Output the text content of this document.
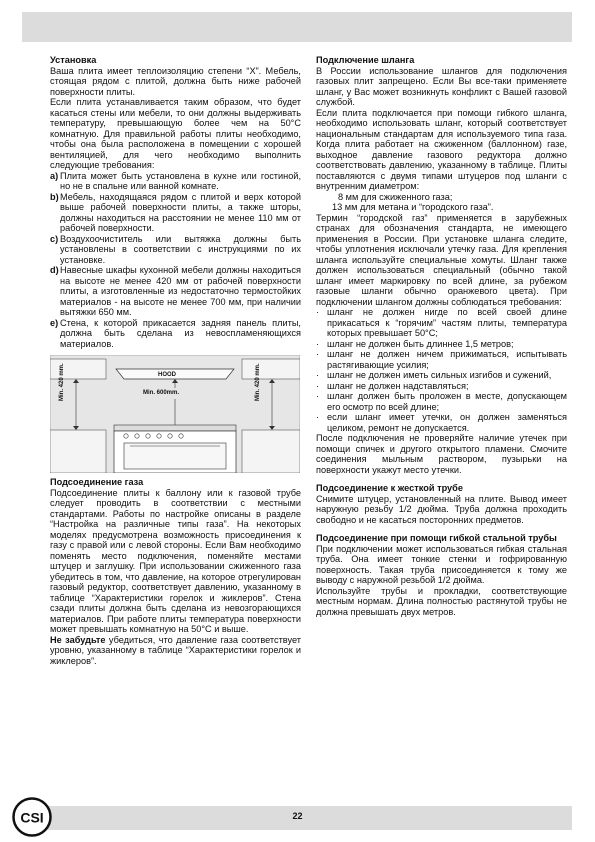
Установка

Ваша плита имеет теплоизоляцию степени “X”. Мебель, стоящая рядом с плитой, должна быть ниже рабочей поверхности плиты.

Если плита устанавливается таким образом, что будет касаться стены или мебели, то они должны выдерживать температуру, превышающую более чем на 50°С комнатную. Для правильной работы плиты необходимо, чтобы она была расположена в помещении с хорошей вентиляцией, для чего необходимо выполнить следующие требования:

a) Плита может быть установлена в кухне или гостиной, но не в спальне или ванной комнате.
b) Мебель, находящаяся рядом с плитой и верх которой выше рабочей поверхности плиты, а также шторы, должны находиться на расстоянии не менее 110 мм от рабочей поверхности.
c) Воздухоочиститель или вытяжка должны быть установлены в соответствии с инструкциями по их установке.
d) Навесные шкафы кухонной мебели должны находиться на высоте не менее 420 мм от рабочей поверхности плиты, а изготовленные из недостаточно термостойких материалов - на высоте не менее 700 мм, при наличии вытяжки 650 мм.
e) Стена, к которой прикасается задняя панель плиты, должна быть сделана из невоспламеняющихся материалов.
HOOD
Min. 600mm.
Min. 420 mm.	Min. 420 mm.

Подсоединение газа

Подсоединение плиты к баллону или к газовой трубе следует проводить в соответствии с местными стандартами. Работы по настройке описаны в разделе “Настройка на различные типы газа”. На некоторых моделях предусмотрена возможность присоединения к газу с правой или с левой стороны. Если Вам необходимо поменять место подключения, поменяйте местами штуцер и заглушку. При использовании сжиженного газа убедитесь в том, что давление, на которое отрегулирован газовый редуктор, соответствует давлению, указанному в таблице “Характеристики горелок и жиклеров”. Стена сзади плиты должна быть сделана из невозгорающихся материалов. При работе плиты температура поверхности может превышать комнатную на 50°С и выше.

Не забудьте убедиться, что давление газа соответствует уровню, указанному в таблице “Характеристики горелок и жиклеров”.

Подключение шланга

В России использование шлангов для подключения газовых плит запрещено. Если Вы все-таки применяете шланг, у Вас может возникнуть конфликт с Вашей газовой службой.

Если плита подключается при помощи гибкого шланга, необходимо использовать шланг, который соответствует национальным стандартам для используемого типа газа. Когда плита работает на сжиженном (баллонном) газе, выходное давление газового редуктора должно соответствовать давлению, указанному в таблице. Плиты поставляются с двумя типами штуцеров под шланги с внутренним диаметром:

8 мм для сжиженного газа;

13 мм для метана и “городского газа”.

Термин “городской газ” применяется в зарубежных странах для обозначения стандарта, не имеющего применения в России. При установке шланга следите, чтобы уплотнения исключали утечку газа. Для крепления шланга используйте специальные хомуты. Шланг также должен использоваться специальный (обычно такой шланг имеет маркировку по всей длине, за рубежом газовые шланги обычно оранжевого цвета). При подключении шлангом должны соблюдаться требования:

· шланг не должен нигде по всей своей длине прикасаться к “горячим” частям плиты, температура которых превышает 50°С;
· шланг не должен быть длиннее 1,5 метров;
· шланг не должен ничем прижиматься, испытывать растягивающие усилия;
· шланг не должен иметь сильных изгибов и сужений,
· шланг не должен надставляться;
· шланг должен быть проложен в месте, допускающем его осмотр по всей длине;
· если шланг имеет утечки, он должен заменяться целиком, ремонт не допускается.

После подключения не проверяйте наличие утечек при помощи спичек и другого открытого пламени. Смочите соединения мыльным раствором, пузырьки на поверхности укажут место утечки.

Подсоединение к жесткой трубе

Снимите штуцер, установленный на плите. Вывод имеет наружную резьбу 1/2 дюйма. Труба должна проходить свободно и не касаться посторонних предметов.

Подсоединение при помощи гибкой стальной трубы

При подключении может использоваться гибкая стальная труба. Она имеет тонкие стенки и гофрированную поверхность. Такая труба присоединяется к тому же выводу с наружной резьбой 1/2 дюйма.

Используйте трубы и прокладки, соответствующие местным нормам. Длина полностью растянутой трубы не должна превышать двух метров.

CSI	22
